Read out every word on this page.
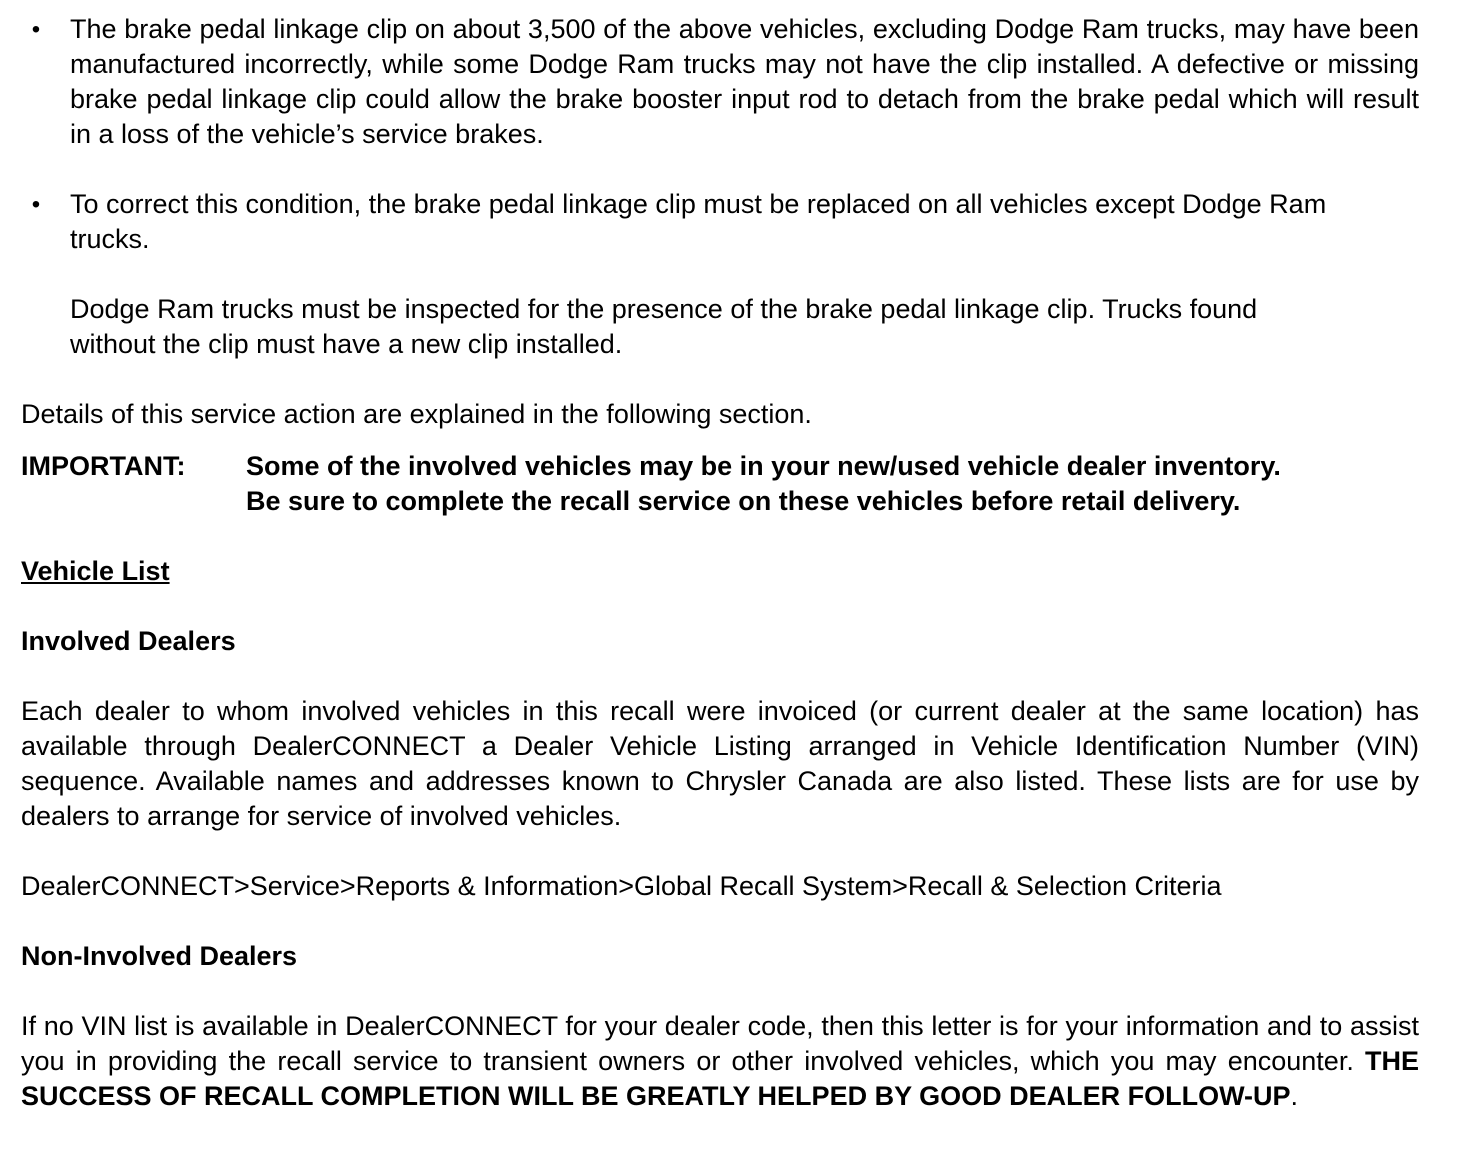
• The brake pedal linkage clip on about 3,500 of the above vehicles, excluding Dodge Ram trucks, may have been manufactured incorrectly, while some Dodge Ram trucks may not have the clip installed. A defective or missing brake pedal linkage clip could allow the brake booster input rod to detach from the brake pedal which will result in a loss of the vehicle’s service brakes.

• To correct this condition, the brake pedal linkage clip must be replaced on all vehicles except Dodge Ram trucks.

Dodge Ram trucks must be inspected for the presence of the brake pedal linkage clip. Trucks found without the clip must have a new clip installed.

Details of this service action are explained in the following section.

IMPORTANT:	Some of the involved vehicles may be in your new/used vehicle dealer inventory.
Be sure to complete the recall service on these vehicles before retail delivery.

Vehicle List

Involved Dealers

Each dealer to whom involved vehicles in this recall were invoiced (or current dealer at the same location) has available through DealerCONNECT a Dealer Vehicle Listing arranged in Vehicle Identification Number (VIN) sequence. Available names and addresses known to Chrysler Canada are also listed. These lists are for use by dealers to arrange for service of involved vehicles.

DealerCONNECT>Service>Reports & Information>Global Recall System>Recall & Selection Criteria

Non-Involved Dealers

If no VIN list is available in DealerCONNECT for your dealer code, then this letter is for your information and to assist you in providing the recall service to transient owners or other involved vehicles, which you may encounter. THE SUCCESS OF RECALL COMPLETION WILL BE GREATLY HELPED BY GOOD DEALER FOLLOW-UP.
